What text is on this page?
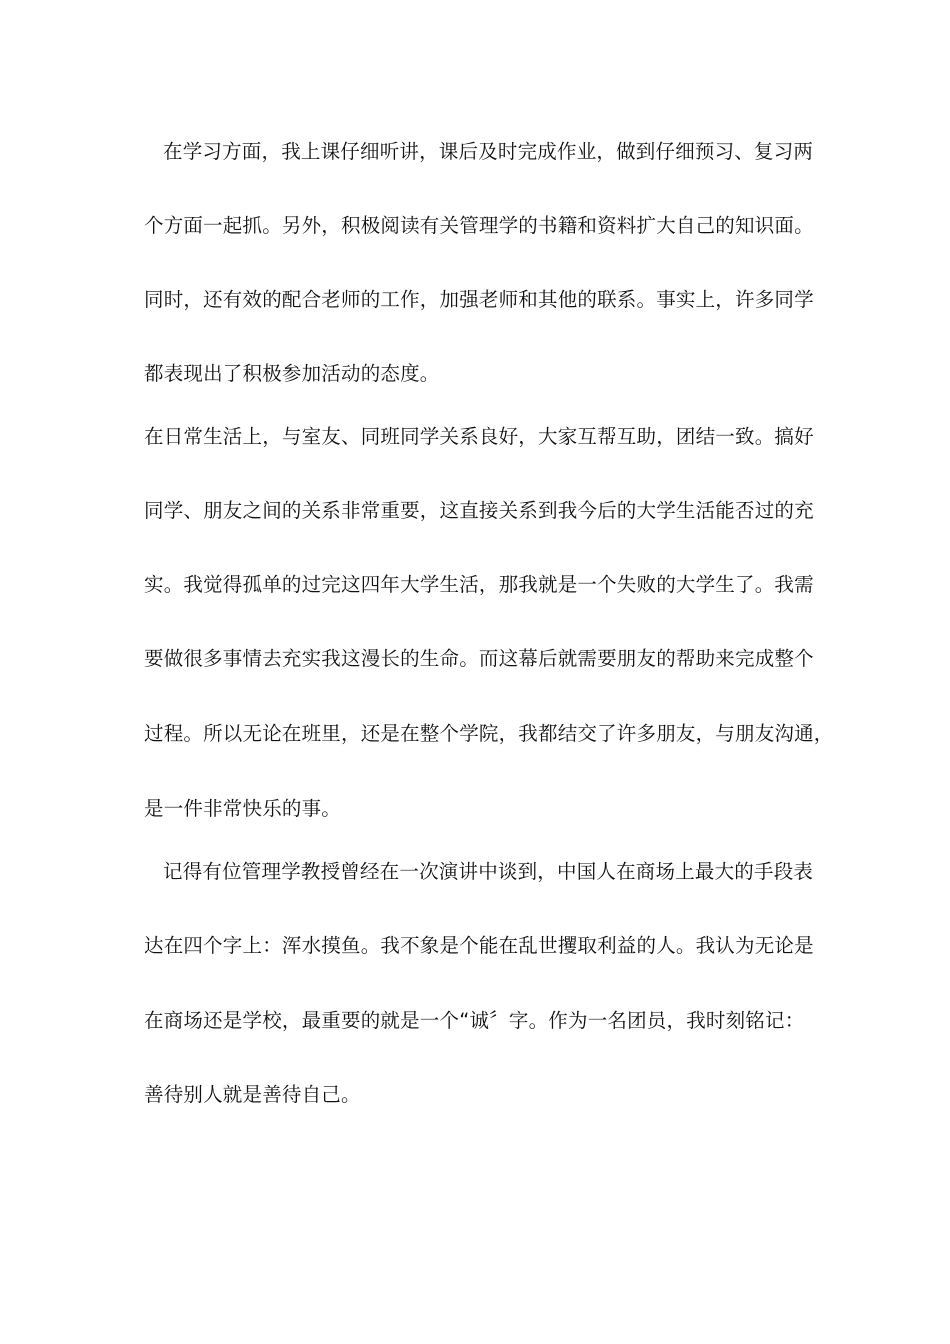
在学习方面，我上课仔细听讲，课后及时完成作业，做到仔细预习、复习两
个方面一起抓。另外，积极阅读有关管理学的书籍和资料扩大自己的知识面。
同时，还有效的配合老师的工作，加强老师和其他的联系。事实上，许多同学
都表现出了积极参加活动的态度。
在日常生活上，与室友、同班同学关系良好，大家互帮互助，团结一致。搞好
同学、朋友之间的关系非常重要，这直接关系到我今后的大学生活能否过的充
实。我觉得孤单的过完这四年大学生活，那我就是一个失败的大学生了。我需
要做很多事情去充实我这漫长的生命。而这幕后就需要朋友的帮助来完成整个
过程。所以无论在班里，还是在整个学院，我都结交了许多朋友，与朋友沟通，
是一件非常快乐的事。
记得有位管理学教授曾经在一次演讲中谈到，中国人在商场上最大的手段表
达在四个字上：浑水摸鱼。我不象是个能在乱世攫取利益的人。我认为无论是
在商场还是学校，最重要的就是一个“诚〞字。作为一名团员，我时刻铭记：
善待别人就是善待自己。
